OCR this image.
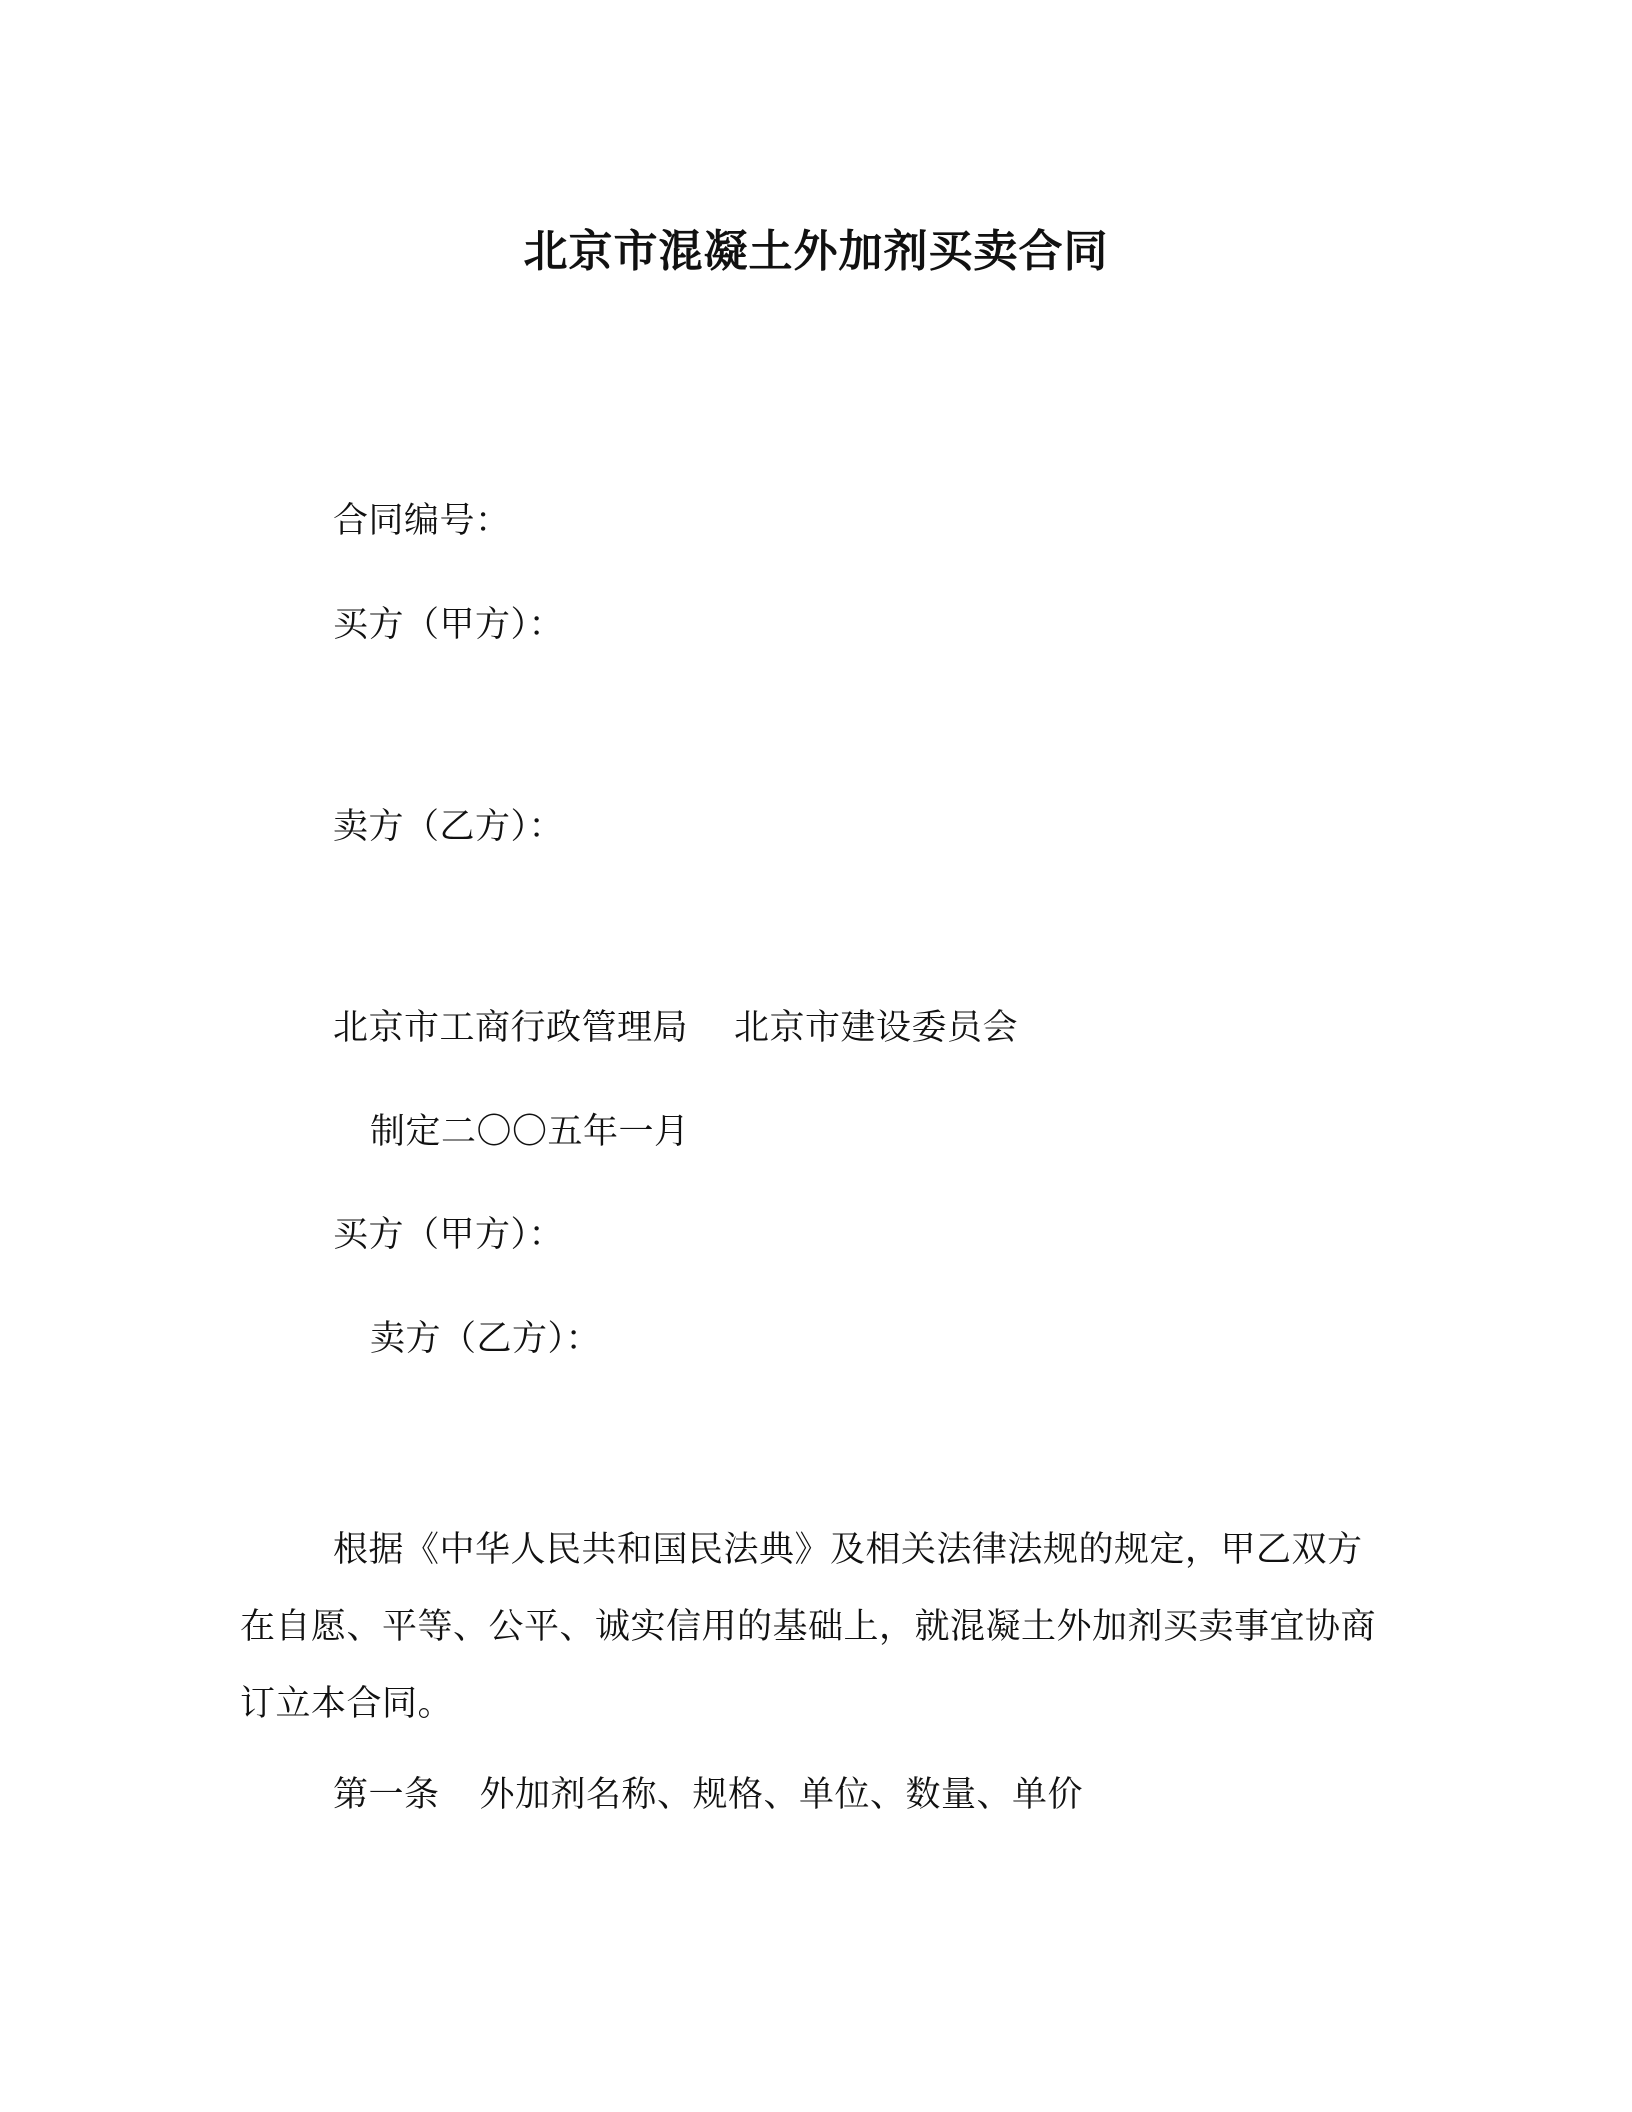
北京市混凝土外加剂买卖合同
合同编号：
买方（甲方）：
卖方（乙方）：
北京市工商行政管理局 北京市建设委员会
制定二〇〇五年一月
买方（甲方）：
卖方（乙方）：
根据《中华人民共和国民法典》及相关法律法规的规定，甲乙双方在自愿、平等、公平、诚实信用的基础上，就混凝土外加剂买卖事宜协商订立本合同。
第一条 外加剂名称、规格、单位、数量、单价
